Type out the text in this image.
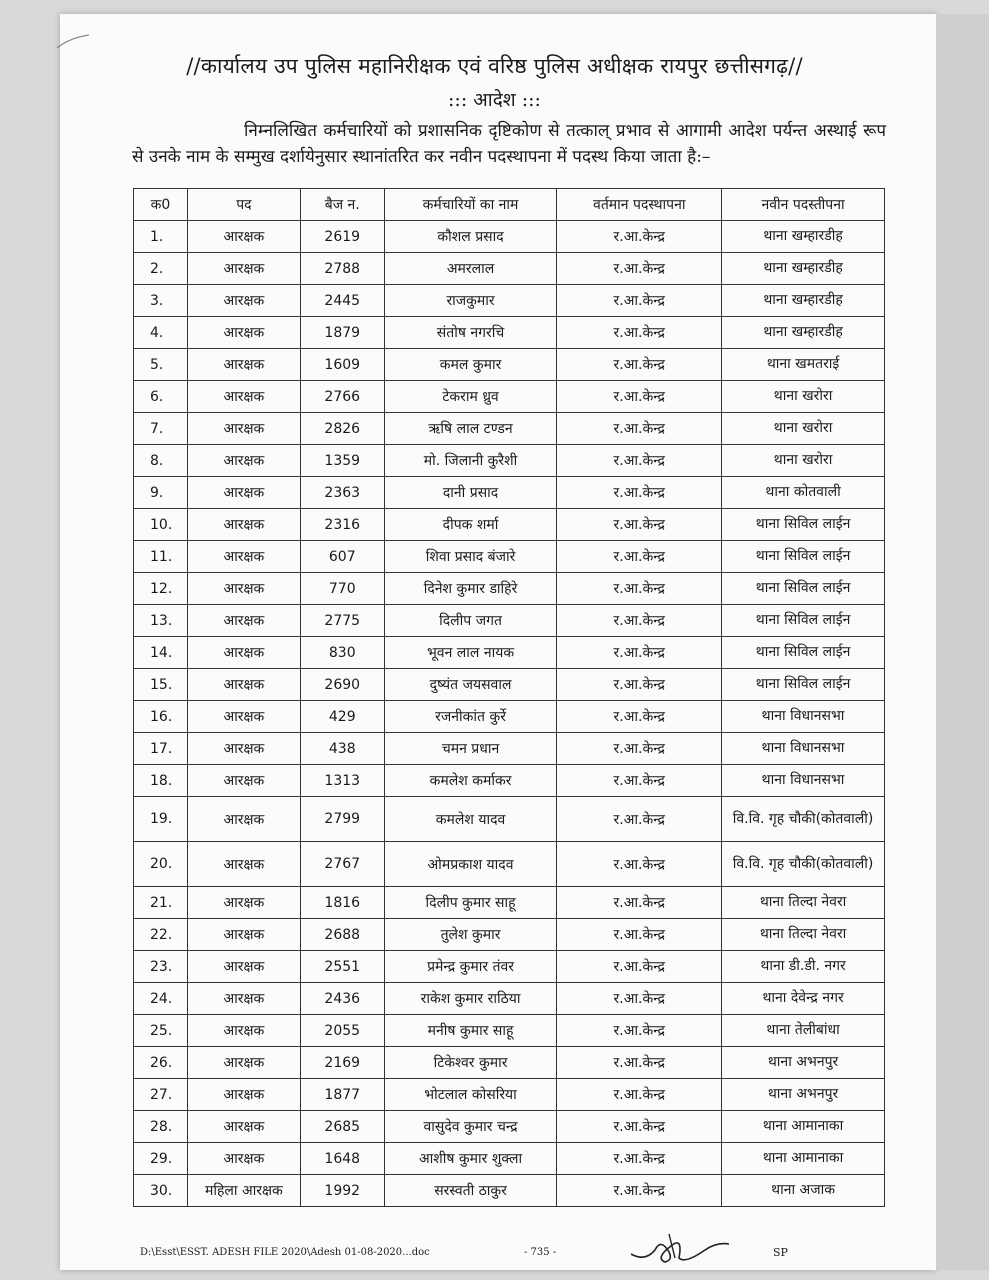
//कार्यालय उप पुलिस महानिरीक्षक एवं वरिष्ठ पुलिस अधीक्षक रायपुर छत्तीसगढ़//
::: आदेश :::
निम्नलिखित कर्मचारियों को प्रशासनिक दृष्टिकोण से तत्काल् प्रभाव से आगामी आदेश पर्यन्त अस्थाई रूप से उनके नाम के सम्मुख दर्शायेनुसार स्थानांतरित कर नवीन पदस्थापना में पदस्थ किया जाता है:–
क0	पद	बैज न.	कर्मचारियों का नाम	वर्तमान पदस्थापना	नवीन पदस्तीपना
1.	आरक्षक	2619	कौशल प्रसाद	र.आ.केन्द्र	थाना खम्हारडीह
2.	आरक्षक	2788	अमरलाल	र.आ.केन्द्र	थाना खम्हारडीह
3.	आरक्षक	2445	राजकुमार	र.आ.केन्द्र	थाना खम्हारडीह
4.	आरक्षक	1879	संतोष नगरचि	र.आ.केन्द्र	थाना खम्हारडीह
5.	आरक्षक	1609	कमल कुमार	र.आ.केन्द्र	थाना खमतराई
6.	आरक्षक	2766	टेकराम ध्रुव	र.आ.केन्द्र	थाना खरोरा
7.	आरक्षक	2826	ऋषि लाल टण्डन	र.आ.केन्द्र	थाना खरोरा
8.	आरक्षक	1359	मो. जिलानी कुरैशी	र.आ.केन्द्र	थाना खरोरा
9.	आरक्षक	2363	दानी प्रसाद	र.आ.केन्द्र	थाना कोतवाली
10.	आरक्षक	2316	दीपक शर्मा	र.आ.केन्द्र	थाना सिविल लाईन
11.	आरक्षक	607	शिवा प्रसाद बंजारे	र.आ.केन्द्र	थाना सिविल लाईन
12.	आरक्षक	770	दिनेश कुमार डाहिरे	र.आ.केन्द्र	थाना सिविल लाईन
13.	आरक्षक	2775	दिलीप जगत	र.आ.केन्द्र	थाना सिविल लाईन
14.	आरक्षक	830	भूवन लाल नायक	र.आ.केन्द्र	थाना सिविल लाईन
15.	आरक्षक	2690	दुष्यंत जयसवाल	र.आ.केन्द्र	थाना सिविल लाईन
16.	आरक्षक	429	रजनीकांत कुर्रे	र.आ.केन्द्र	थाना विधानसभा
17.	आरक्षक	438	चमन प्रधान	र.आ.केन्द्र	थाना विधानसभा
18.	आरक्षक	1313	कमलेश कर्माकर	र.आ.केन्द्र	थाना विधानसभा
19.	आरक्षक	2799	कमलेश यादव	र.आ.केन्द्र	वि.वि. गृह चौकी(कोतवाली)
20.	आरक्षक	2767	ओमप्रकाश यादव	र.आ.केन्द्र	वि.वि. गृह चौकी(कोतवाली)
21.	आरक्षक	1816	दिलीप कुमार साहू	र.आ.केन्द्र	थाना तिल्दा नेवरा
22.	आरक्षक	2688	तुलेश कुमार	र.आ.केन्द्र	थाना तिल्दा नेवरा
23.	आरक्षक	2551	प्रमेन्द्र कुमार तंवर	र.आ.केन्द्र	थाना डी.डी. नगर
24.	आरक्षक	2436	राकेश कुमार राठिया	र.आ.केन्द्र	थाना देवेन्द्र नगर
25.	आरक्षक	2055	मनीष कुमार साहू	र.आ.केन्द्र	थाना तेलीबांधा
26.	आरक्षक	2169	टिकेश्वर कुमार	र.आ.केन्द्र	थाना अभनपुर
27.	आरक्षक	1877	भोटलाल कोसरिया	र.आ.केन्द्र	थाना अभनपुर
28.	आरक्षक	2685	वासुदेव कुमार चन्द्र	र.आ.केन्द्र	थाना आमानाका
29.	आरक्षक	1648	आशीष कुमार शुक्ला	र.आ.केन्द्र	थाना आमानाका
30.	महिला आरक्षक	1992	सरस्वती ठाकुर	र.आ.केन्द्र	थाना अजाक
D:\Esst\ESST. ADESH FILE 2020\Adesh 01-08-2020...doc	- 735 -	SP
